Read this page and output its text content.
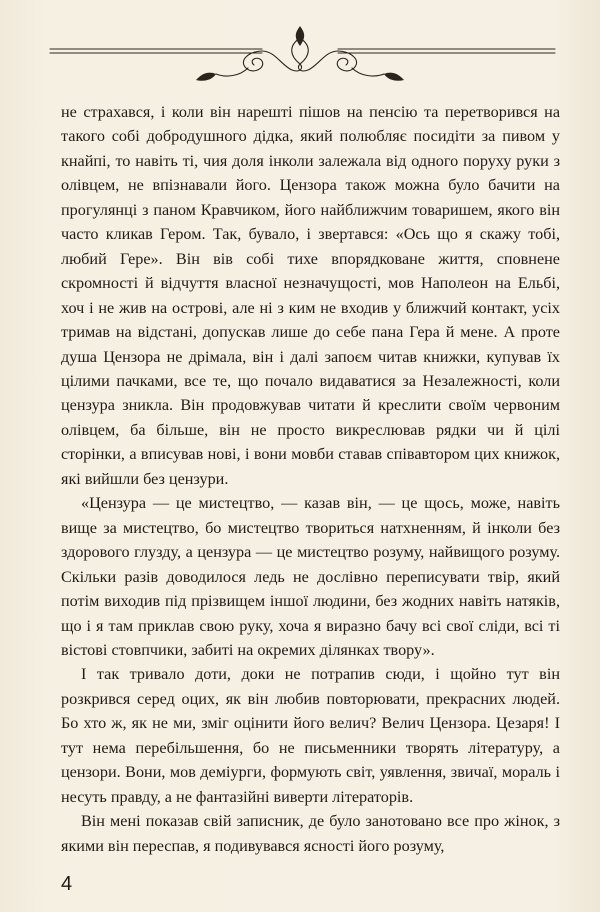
не страхався, і коли він нарешті пішов на пенсію та перетворився на такого собі добродушного дідка, який полюбляє посидіти за пивом у кнайпі, то навіть ті, чия доля інколи залежала від одного поруху руки з олівцем, не впізнавали його. Цензора також можна було бачити на прогулянці з паном Кравчиком, його найближчим товаришем, якого він часто кликав Гером. Так, бувало, і звертався: «Ось що я скажу тобі, любий Гере». Він вів собі тихе впорядковане життя, сповнене скромності й відчуття власної незначущості, мов Наполеон на Ельбі, хоч і не жив на острові, але ні з ким не входив у ближчий контакт, усіх тримав на відстані, допускав лише до себе пана Гера й мене. А проте душа Цензора не дрімала, він і далі запоєм читав книжки, купував їх цілими пачками, все те, що почало видаватися за Незалежності, коли цензура зникла. Він продовжував читати й креслити своїм червоним олівцем, ба більше, він не просто викреслював рядки чи й цілі сторінки, а вписував нові, і вони мовби ставав співавтором цих книжок, які вийшли без цензури.

«Цензура — це мистецтво, — казав він, — це щось, може, навіть вище за мистецтво, бо мистецтво твориться натхненням, й інколи без здорового глузду, а цензура — це мистецтво розуму, найвищого розуму. Скільки разів доводилося ледь не дослівно переписувати твір, який потім виходив під прізвищем іншої людини, без жодних навіть натяків, що і я там приклав свою руку, хоча я виразно бачу всі свої сліди, всі ті вістові стовпчики, забиті на окремих ділянках твору».

І так тривало доти, доки не потрапив сюди, і щойно тут він розкрився серед оцих, як він любив повторювати, прекрасних людей. Бо хто ж, як не ми, зміг оцінити його велич? Велич Цензора. Цезаря! І тут нема перебільшення, бо не письменники творять літературу, а цензори. Вони, мов деміурги, формують світ, уявлення, звичаї, мораль і несуть правду, а не фантазійні виверти літераторів.

Він мені показав свій записник, де було занотовано все про жінок, з якими він переспав, я подивувався ясності його розуму,

4
